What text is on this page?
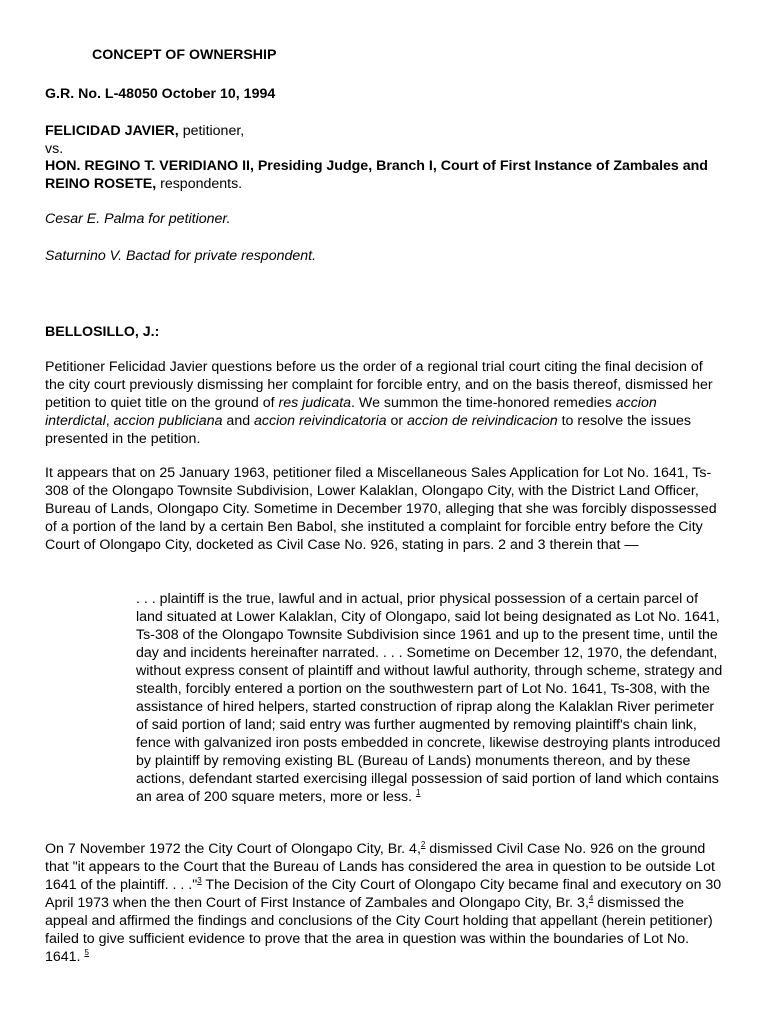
CONCEPT OF OWNERSHIP

G.R. No. L-48050 October 10, 1994

FELICIDAD JAVIER, petitioner,

vs.

HON. REGINO T. VERIDIANO II, Presiding Judge, Branch I, Court of First Instance of Zambales and REINO ROSETE, respondents.

Cesar E. Palma for petitioner.

Saturnino V. Bactad for private respondent.

BELLOSILLO, J.:

Petitioner Felicidad Javier questions before us the order of a regional trial court citing the final decision of the city court previously dismissing her complaint for forcible entry, and on the basis thereof, dismissed her petition to quiet title on the ground of res judicata. We summon the time-honored remedies accion interdictal, accion publiciana and accion reivindicatoria or accion de reivindicacion to resolve the issues presented in the petition.

It appears that on 25 January 1963, petitioner filed a Miscellaneous Sales Application for Lot No. 1641, Ts-308 of the Olongapo Townsite Subdivision, Lower Kalaklan, Olongapo City, with the District Land Officer, Bureau of Lands, Olongapo City. Sometime in December 1970, alleging that she was forcibly dispossessed of a portion of the land by a certain Ben Babol, she instituted a complaint for forcible entry before the City Court of Olongapo City, docketed as Civil Case No. 926, stating in pars. 2 and 3 therein that —

. . . plaintiff is the true, lawful and in actual, prior physical possession of a certain parcel of land situated at Lower Kalaklan, City of Olongapo, said lot being designated as Lot No. 1641, Ts-308 of the Olongapo Townsite Subdivision since 1961 and up to the present time, until the day and incidents hereinafter narrated. . . . Sometime on December 12, 1970, the defendant, without express consent of plaintiff and without lawful authority, through scheme, strategy and stealth, forcibly entered a portion on the southwestern part of Lot No. 1641, Ts-308, with the assistance of hired helpers, started construction of riprap along the Kalaklan River perimeter of said portion of land; said entry was further augmented by removing plaintiff's chain link, fence with galvanized iron posts embedded in concrete, likewise destroying plants introduced by plaintiff by removing existing BL (Bureau of Lands) monuments thereon, and by these actions, defendant started exercising illegal possession of said portion of land which contains an area of 200 square meters, more or less. $^1$

On 7 November 1972 the City Court of Olongapo City, Br. 4,$^2$ dismissed Civil Case No. 926 on the ground that "it appears to the Court that the Bureau of Lands has considered the area in question to be outside Lot 1641 of the plaintiff. . . ."$^3$ The Decision of the City Court of Olongapo City became final and executory on 30 April 1973 when the then Court of First Instance of Zambales and Olongapo City, Br. 3,$^4$ dismissed the appeal and affirmed the findings and conclusions of the City Court holding that appellant (herein petitioner) failed to give sufficient evidence to prove that the area in question was within the boundaries of Lot No. 1641. $^5$
